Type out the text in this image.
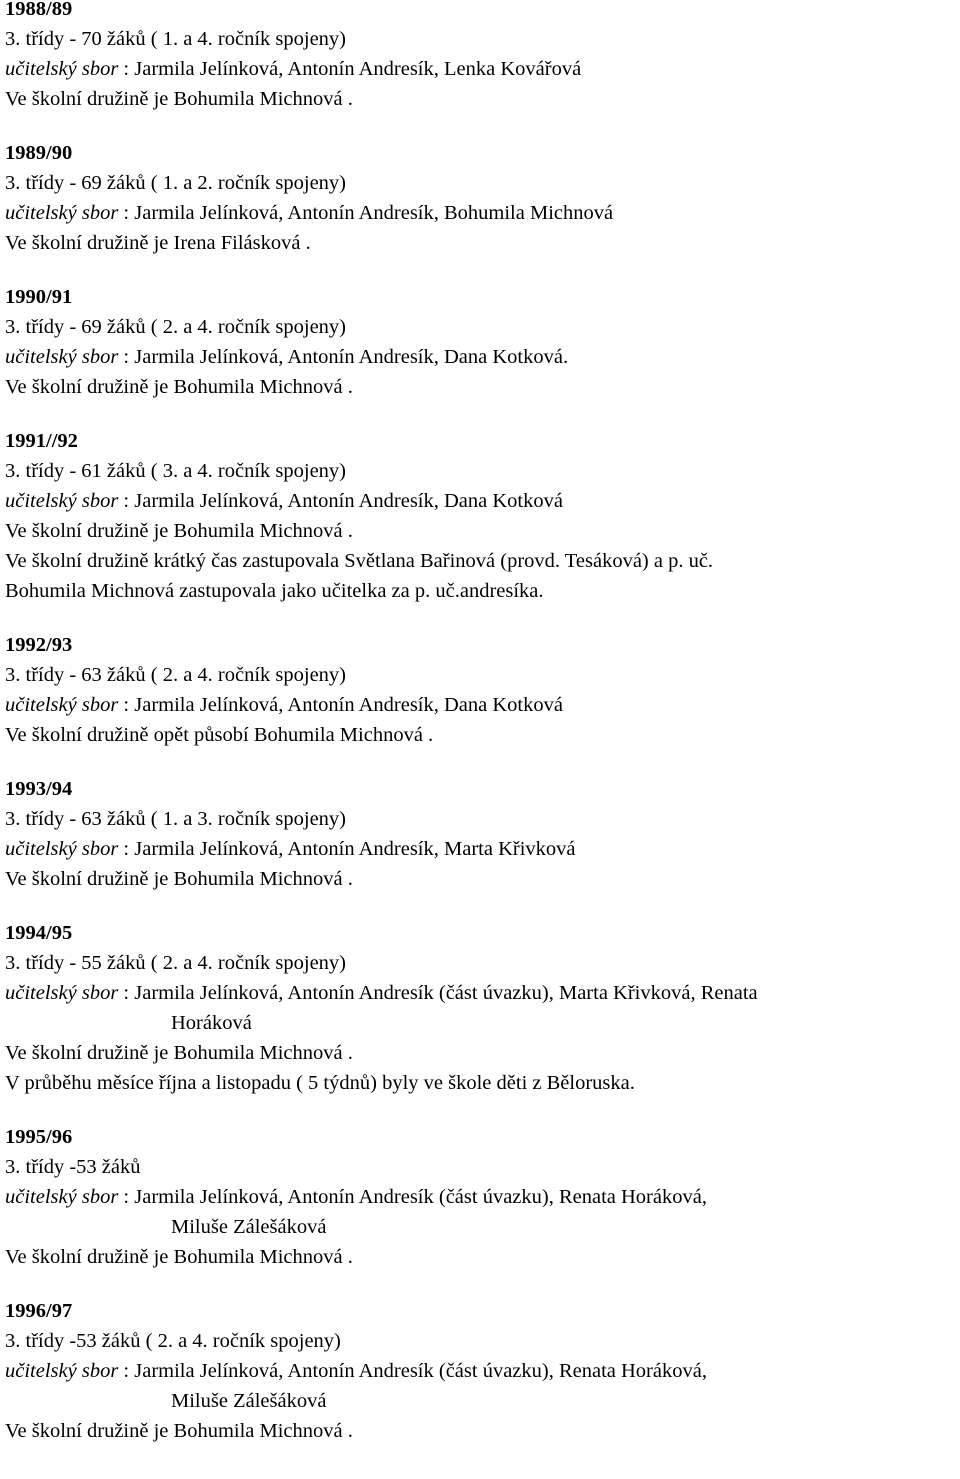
1988/89
3. třídy - 70 žáků ( 1. a 4. ročník spojeny)
učitelský sbor : Jarmila Jelínková, Antonín Andresík, Lenka Kovářová
Ve školní družině je Bohumila Michnová .
1989/90
3. třídy - 69 žáků ( 1. a 2. ročník spojeny)
učitelský sbor : Jarmila Jelínková, Antonín Andresík, Bohumila Michnová
Ve školní družině je Irena Filásková .
1990/91
3. třídy - 69 žáků ( 2. a 4. ročník spojeny)
učitelský sbor : Jarmila Jelínková, Antonín Andresík, Dana Kotková.
Ve školní družině je Bohumila Michnová .
1991//92
3. třídy - 61 žáků ( 3. a 4. ročník spojeny)
učitelský sbor : Jarmila Jelínková, Antonín Andresík, Dana Kotková
Ve školní družině je Bohumila Michnová .
Ve školní družině krátký čas zastupovala Světlana Bařinová (provd. Tesáková) a p. uč.
Bohumila Michnová zastupovala jako učitelka za p. uč.andresíka.
1992/93
3. třídy - 63 žáků ( 2. a 4. ročník spojeny)
učitelský sbor : Jarmila Jelínková, Antonín Andresík, Dana Kotková
Ve školní družině opět působí Bohumila Michnová .
1993/94
3. třídy - 63 žáků ( 1. a 3. ročník spojeny)
učitelský sbor : Jarmila Jelínková, Antonín Andresík, Marta Křivková
Ve školní družině je Bohumila Michnová .
1994/95
3. třídy - 55 žáků ( 2. a 4. ročník spojeny)
učitelský sbor : Jarmila Jelínková, Antonín Andresík (část úvazku), Marta Křivková, Renata
Horáková
Ve školní družině je Bohumila Michnová .
V průběhu měsíce října a listopadu ( 5 týdnů) byly ve škole děti z Běloruska.
1995/96
3. třídy -53 žáků
učitelský sbor : Jarmila Jelínková, Antonín Andresík (část úvazku), Renata Horáková,
Miluše Zálešáková
Ve školní družině je Bohumila Michnová .
1996/97
3. třídy -53 žáků ( 2. a 4. ročník spojeny)
učitelský sbor : Jarmila Jelínková, Antonín Andresík (část úvazku), Renata Horáková,
Miluše Zálešáková
Ve školní družině je Bohumila Michnová .
